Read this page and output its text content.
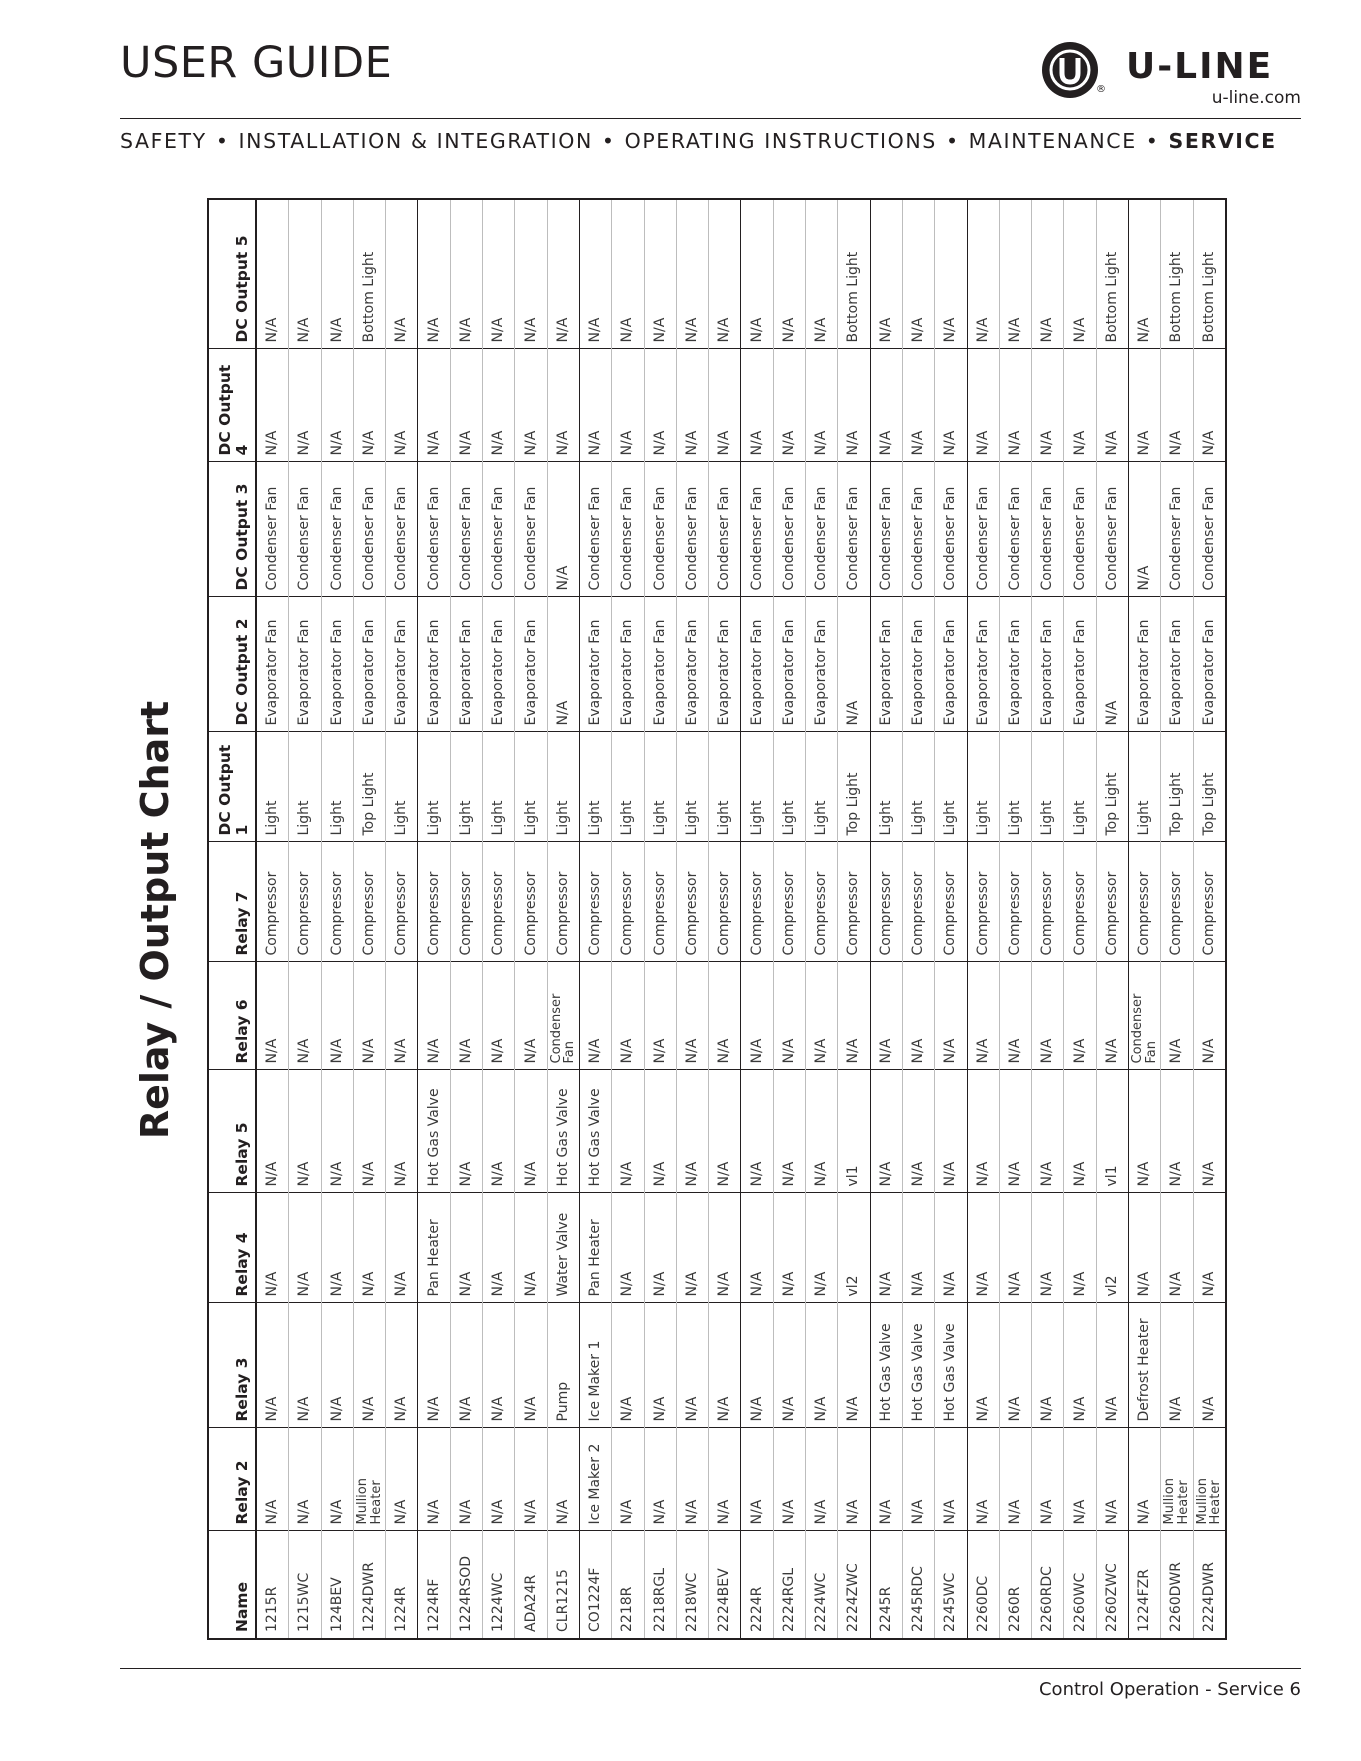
USER GUIDE
®
U-LINE
u-line.com
SAFETY • INSTALLATION & INTEGRATION • OPERATING INSTRUCTIONS • MAINTENANCE • SERVICE
Relay / Output Chart
Name	Relay 2	Relay 3	Relay 4	Relay 5	Relay 6	Relay 7	DC Output 1	DC Output 2	DC Output 3	DC Output 4	DC Output 5
1215R	N/A	N/A	N/A	N/A	N/A	Compressor	Light	Evaporator Fan	Condenser Fan	N/A	N/A
1215WC	N/A	N/A	N/A	N/A	N/A	Compressor	Light	Evaporator Fan	Condenser Fan	N/A	N/A
124BEV	N/A	N/A	N/A	N/A	N/A	Compressor	Light	Evaporator Fan	Condenser Fan	N/A	N/A
1224DWR	Mullion Heater	N/A	N/A	N/A	N/A	Compressor	Top Light	Evaporator Fan	Condenser Fan	N/A	Bottom Light
1224R	N/A	N/A	N/A	N/A	N/A	Compressor	Light	Evaporator Fan	Condenser Fan	N/A	N/A
1224RF	N/A	N/A	Pan Heater	Hot Gas Valve	N/A	Compressor	Light	Evaporator Fan	Condenser Fan	N/A	N/A
1224RSOD	N/A	N/A	N/A	N/A	N/A	Compressor	Light	Evaporator Fan	Condenser Fan	N/A	N/A
1224WC	N/A	N/A	N/A	N/A	N/A	Compressor	Light	Evaporator Fan	Condenser Fan	N/A	N/A
ADA24R	N/A	N/A	N/A	N/A	N/A	Compressor	Light	Evaporator Fan	Condenser Fan	N/A	N/A
CLR1215	N/A	Pump	Water Valve	Hot Gas Valve	Condenser Fan	Compressor	Light	N/A	N/A	N/A	N/A
CO1224F	Ice Maker 2	Ice Maker 1	Pan Heater	Hot Gas Valve	N/A	Compressor	Light	Evaporator Fan	Condenser Fan	N/A	N/A
2218R	N/A	N/A	N/A	N/A	N/A	Compressor	Light	Evaporator Fan	Condenser Fan	N/A	N/A
2218RGL	N/A	N/A	N/A	N/A	N/A	Compressor	Light	Evaporator Fan	Condenser Fan	N/A	N/A
2218WC	N/A	N/A	N/A	N/A	N/A	Compressor	Light	Evaporator Fan	Condenser Fan	N/A	N/A
2224BEV	N/A	N/A	N/A	N/A	N/A	Compressor	Light	Evaporator Fan	Condenser Fan	N/A	N/A
2224R	N/A	N/A	N/A	N/A	N/A	Compressor	Light	Evaporator Fan	Condenser Fan	N/A	N/A
2224RGL	N/A	N/A	N/A	N/A	N/A	Compressor	Light	Evaporator Fan	Condenser Fan	N/A	N/A
2224WC	N/A	N/A	N/A	N/A	N/A	Compressor	Light	Evaporator Fan	Condenser Fan	N/A	N/A
2224ZWC	N/A	N/A	vl2	vl1	N/A	Compressor	Top Light	N/A	Condenser Fan	N/A	Bottom Light
2245R	N/A	Hot Gas Valve	N/A	N/A	N/A	Compressor	Light	Evaporator Fan	Condenser Fan	N/A	N/A
2245RDC	N/A	Hot Gas Valve	N/A	N/A	N/A	Compressor	Light	Evaporator Fan	Condenser Fan	N/A	N/A
2245WC	N/A	Hot Gas Valve	N/A	N/A	N/A	Compressor	Light	Evaporator Fan	Condenser Fan	N/A	N/A
2260DC	N/A	N/A	N/A	N/A	N/A	Compressor	Light	Evaporator Fan	Condenser Fan	N/A	N/A
2260R	N/A	N/A	N/A	N/A	N/A	Compressor	Light	Evaporator Fan	Condenser Fan	N/A	N/A
2260RDC	N/A	N/A	N/A	N/A	N/A	Compressor	Light	Evaporator Fan	Condenser Fan	N/A	N/A
2260WC	N/A	N/A	N/A	N/A	N/A	Compressor	Light	Evaporator Fan	Condenser Fan	N/A	N/A
2260ZWC	N/A	N/A	vl2	vl1	N/A	Compressor	Top Light	N/A	Condenser Fan	N/A	Bottom Light
1224FZR	N/A	Defrost Heater	N/A	N/A	Condenser Fan	Compressor	Light	Evaporator Fan	N/A	N/A	N/A
2260DWR	Mullion Heater	N/A	N/A	N/A	N/A	Compressor	Top Light	Evaporator Fan	Condenser Fan	N/A	Bottom Light
2224DWR	Mullion Heater	N/A	N/A	N/A	N/A	Compressor	Top Light	Evaporator Fan	Condenser Fan	N/A	Bottom Light
Control Operation - Service 6
